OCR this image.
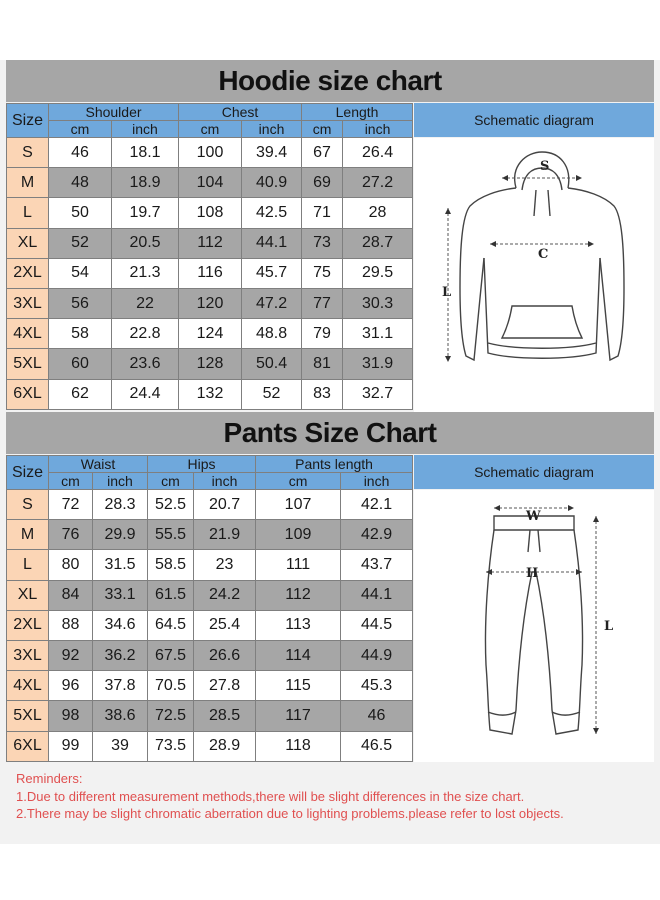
Hoodie size chart
Size	Shoulder		Chest		Length	
	cm	inch	cm	inch	cm	inch
S	46	18.1	100	39.4	67	26.4
M	48	18.9	104	40.9	69	27.2
L	50	19.7	108	42.5	71	28
XL	52	20.5	112	44.1	73	28.7
2XL	54	21.3	116	45.7	75	29.5
3XL	56	22	120	47.2	77	30.3
4XL	58	22.8	124	48.8	79	31.1
5XL	60	23.6	128	50.4	81	31.9
6XL	62	24.4	132	52	83	32.7
Schematic diagram
S
C
L
Pants Size Chart
Size	Waist		Hips		Pants length	
	cm	inch	cm	inch	cm	inch
S	72	28.3	52.5	20.7	107	42.1
M	76	29.9	55.5	21.9	109	42.9
L	80	31.5	58.5	23	111	43.7
XL	84	33.1	61.5	24.2	112	44.1
2XL	88	34.6	64.5	25.4	113	44.5
3XL	92	36.2	67.5	26.6	114	44.9
4XL	96	37.8	70.5	27.8	115	45.3
5XL	98	38.6	72.5	28.5	117	46
6XL	99	39	73.5	28.9	118	46.5
Schematic diagram
W
H
L
Reminders:
1.Due to different measurement methods,there will be slight differences in the size chart.
2.There may be slight chromatic aberration due to lighting problems.please refer to lost objects.
